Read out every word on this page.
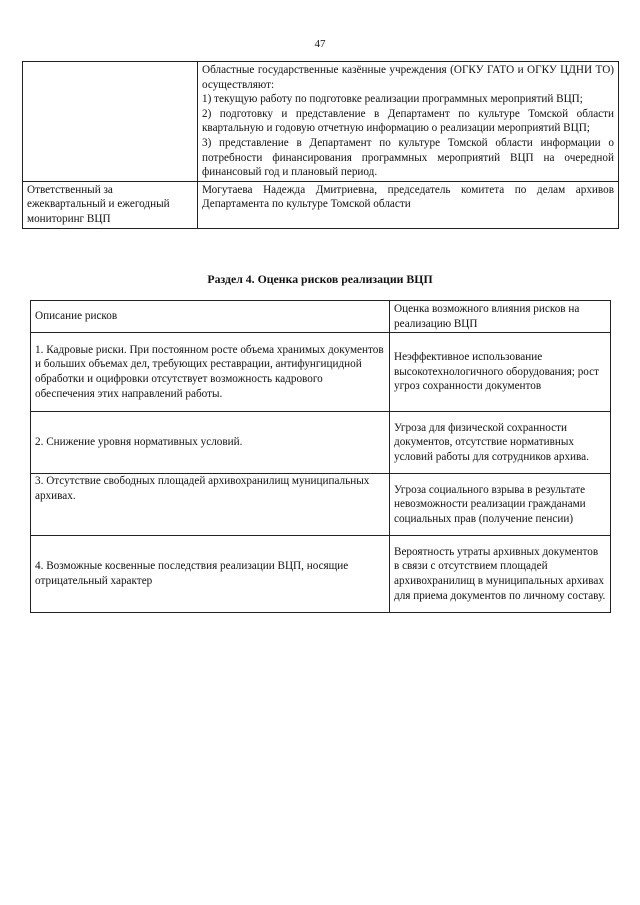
47

	Областные государственные казённые учреждения (ОГКУ ГАТО и ОГКУ ЦДНИ ТО) осуществляют:

1) текущую работу по подготовке реализации программных мероприятий ВЦП;

2) подготовку и представление в Департамент по культуре Томской области квартальную и годовую отчетную информацию о реализации мероприятий ВЦП;

3) представление в Департамент по культуре Томской области информации о потребности финансирования программных мероприятий ВЦП на очередной финансовый год и плановый период.

Ответственный за ежеквартальный и ежегодный мониторинг ВЦП	Могутаева Надежда Дмитриевна, председатель комитета по делам архивов Департамента по культуре Томской области
Раздел 4. Оценка рисков реализации ВЦП
Описание рисков	Оценка возможного влияния рисков на реализацию ВЦП
1. Кадровые риски. При постоянном росте объема хранимых документов и больших объемах дел, требующих реставрации, антифунгицидной обработки и оцифровки отсутствует возможность кадрового обеспечения этих направлений работы.	Неэффективное использование высокотехнологичного оборудования; рост угроз сохранности документов
2. Снижение уровня нормативных условий.	Угроза для физической сохранности документов, отсутствие нормативных условий работы для сотрудников архива.
3. Отсутствие свободных площадей архивохранилищ муниципальных архивах.	Угроза социального взрыва в результате невозможности реализации гражданами социальных прав (получение пенсии)
4. Возможные косвенные последствия реализации ВЦП, носящие отрицательный характер	Вероятность утраты архивных документов в связи с отсутствием площадей архивохранилищ в муниципальных архивах для приема документов по личному составу.
